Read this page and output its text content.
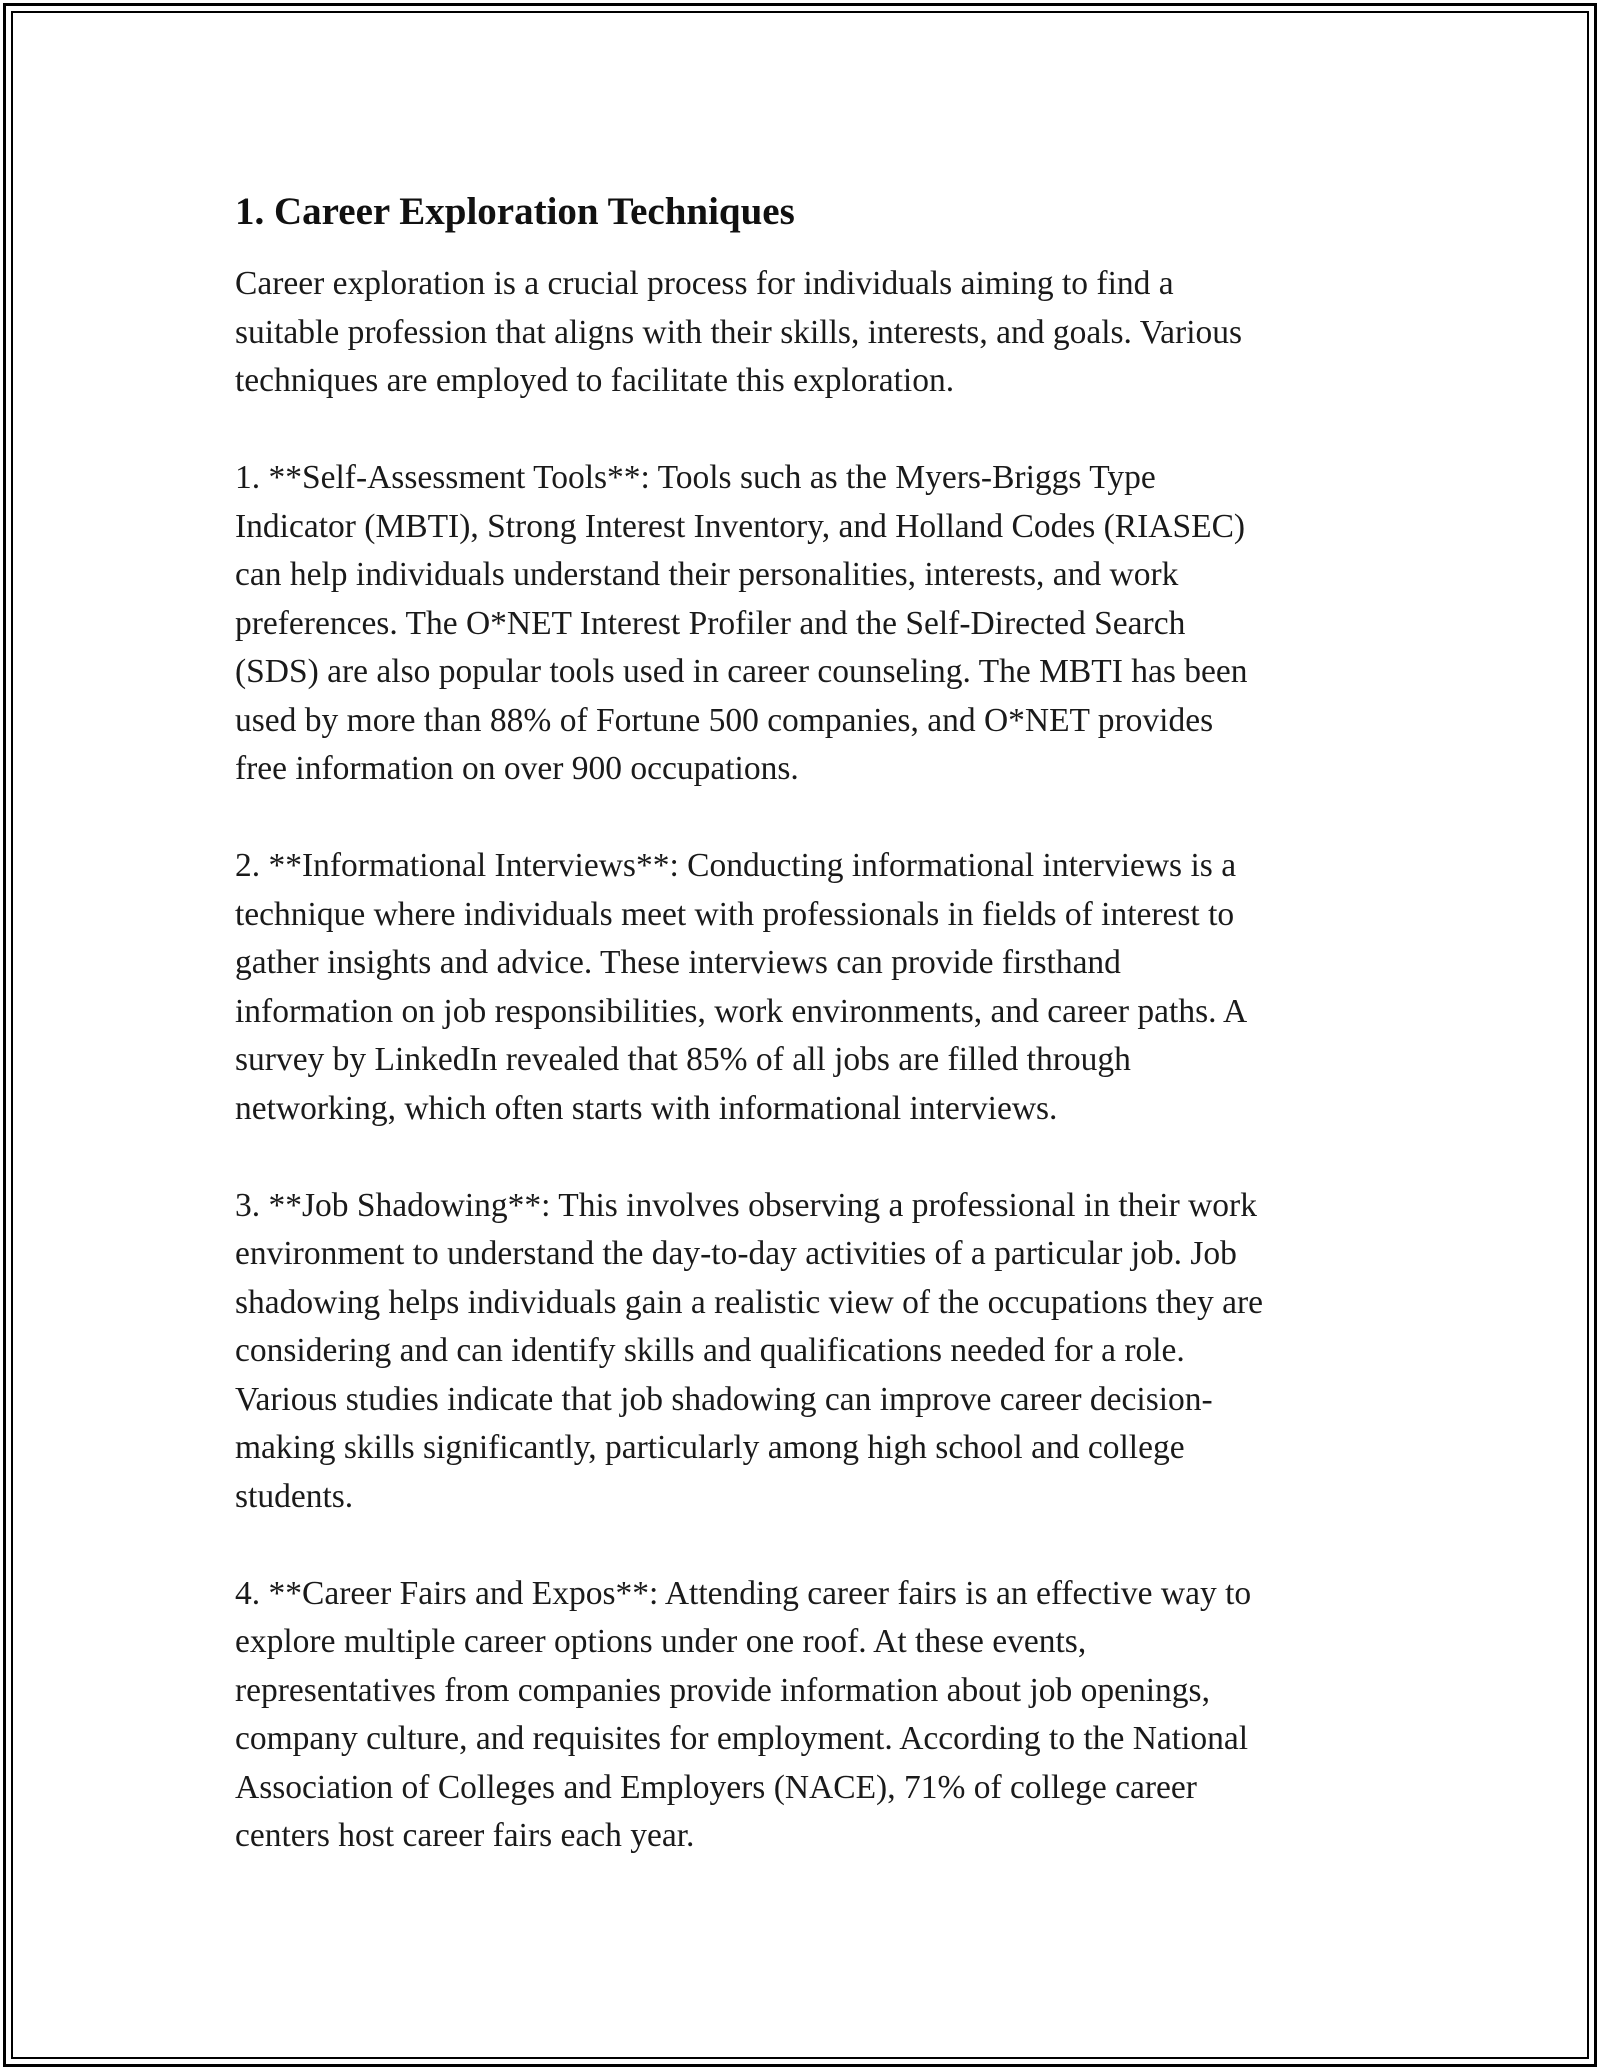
1. Career Exploration Techniques

Career exploration is a crucial process for individuals aiming to find a
suitable profession that aligns with their skills, interests, and goals. Various
techniques are employed to facilitate this exploration.

1. **Self-Assessment Tools**: Tools such as the Myers-Briggs Type
Indicator (MBTI), Strong Interest Inventory, and Holland Codes (RIASEC)
can help individuals understand their personalities, interests, and work
preferences. The O*NET Interest Profiler and the Self-Directed Search
(SDS) are also popular tools used in career counseling. The MBTI has been
used by more than 88% of Fortune 500 companies, and O*NET provides
free information on over 900 occupations.

2. **Informational Interviews**: Conducting informational interviews is a
technique where individuals meet with professionals in fields of interest to
gather insights and advice. These interviews can provide firsthand
information on job responsibilities, work environments, and career paths. A
survey by LinkedIn revealed that 85% of all jobs are filled through
networking, which often starts with informational interviews.

3. **Job Shadowing**: This involves observing a professional in their work
environment to understand the day-to-day activities of a particular job. Job
shadowing helps individuals gain a realistic view of the occupations they are
considering and can identify skills and qualifications needed for a role.
Various studies indicate that job shadowing can improve career decision-
making skills significantly, particularly among high school and college
students.

4. **Career Fairs and Expos**: Attending career fairs is an effective way to
explore multiple career options under one roof. At these events,
representatives from companies provide information about job openings,
company culture, and requisites for employment. According to the National
Association of Colleges and Employers (NACE), 71% of college career
centers host career fairs each year.
